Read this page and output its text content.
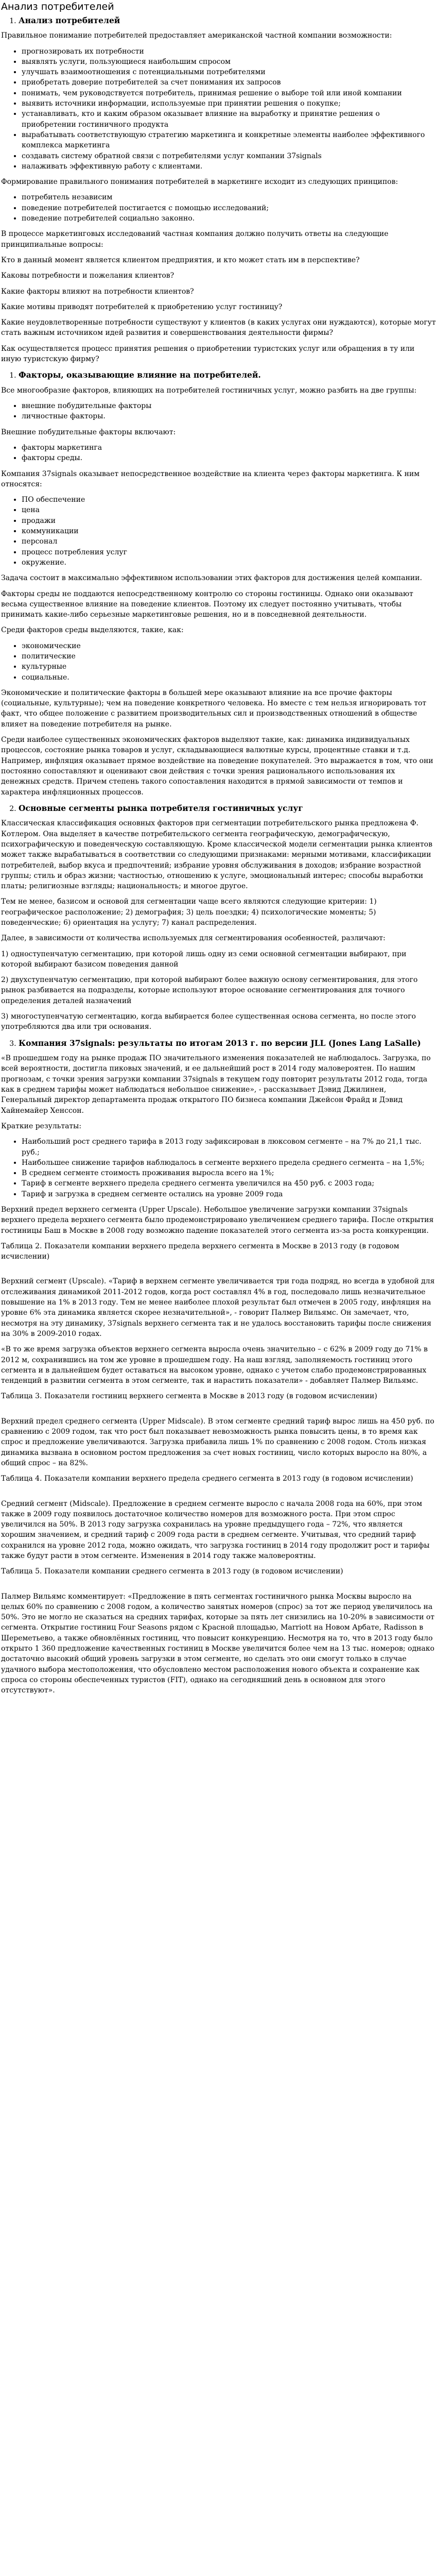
Анализ потребителей
1. Анализ потребителей

Правильное понимание потребителей предоставляет американской частной компании возможности:

• прогнозировать их потребности
• выявлять услуги, пользующиеся наибольшим спросом
• улучшать взаимоотношения с потенциальными потребителями
• приобретать доверие потребителей за счет понимания их запросов
• понимать, чем руководствуется потребитель, принимая решение о выборе той или иной компании
• выявить источники информации, используемые при принятии решения о покупке;
• устанавливать, кто и каким образом оказывает влияние на выработку и принятие решения о приобретении гостиничного продукта
• вырабатывать соответствующую стратегию маркетинга и конкретные элементы наиболее эффективного комплекса маркетинга
• создавать систему обратной связи с потребителями услуг компании 37signals
• налаживать эффективную работу с клиентами.

Формирование правильного понимания потребителей в маркетинге исходит из следующих принципов:

• потребитель независим
• поведение потребителей постигается с помощью исследований;
• поведение потребителей социально законно.

В процессе маркетинговых исследований частная компания должно получить ответы на следующие принципиальные вопросы:

Кто в данный момент является клиентом предприятия, и кто может стать им в перспективе?

Каковы потребности и пожелания клиентов?

Какие факторы влияют на потребности клиентов?

Какие мотивы приводят потребителей к приобретению услуг гостиницу?

Какие неудовлетворенные потребности существуют у клиентов (в каких услугах они нуждаются), которые могут стать важным источником идей развития и совершенствования деятельности фирмы?

Как осуществляется процесс принятия решения о приобретении туристских услуг или обращения в ту или иную туристскую фирму?

1. Факторы, оказывающие влияние на потребителей.

Все многообразие факторов, влияющих на потребителей гостиничных услуг, можно разбить на две группы:

• внешние побудительные факторы
• личностные факторы.

Внешние побудительные факторы включают:

• факторы маркетинга
• факторы среды.

Компания 37signals оказывает непосредственное воздействие на клиента через факторы маркетинга. К ним относятся:

• ПО обеспечение
• цена
• продажи
• коммуникации
• персонал
• процесс потребления услуг
• окружение.

Задача состоит в максимально эффективном использовании этих факторов для достижения целей компании.

Факторы среды не поддаются непосредственному контролю со стороны гостиницы. Однако они оказывают весьма существенное влияние на поведение клиентов. Поэтому их следует постоянно учитывать, чтобы принимать какие-либо серьезные маркетинговые решения, но и в повседневной деятельности.

Среди факторов среды выделяются, такие, как:

• экономические
• политические
• культурные
• социальные.

Экономические и политические факторы в большей мере оказывают влияние на все прочие факторы (социальные, культурные); чем на поведение конкретного человека. Но вместе с тем нельзя игнорировать тот факт, что общее положение с развитием производительных сил и производственных отношений в обществе влияет на поведение потребителя на рынке.

Среди наиболее существенных экономических факторов выделяют такие, как: динамика индивидуальных процессов, состояние рынка товаров и услуг, складывающиеся валютные курсы, процентные ставки и т.д. Например, инфляция оказывает прямое воздействие на поведение покупателей. Это выражается в том, что они постоянно сопоставляют и оценивают свои действия с точки зрения рационального использования их денежных средств. Причем степень такого сопоставления находится в прямой зависимости от темпов и характера инфляционных процессов.

2. Основные сегменты рынка потребителя гостиничных услуг

Классическая классификация основных факторов при сегментации потребительского рынка предложена Ф. Котлером. Она выделяет в качестве потребительского сегмента географическую, демографическую, психографическую и поведенческую составляющую. Кроме классической модели сегментации рынка клиентов может также вырабатываться в соответствии со следующими признаками: мерными мотивами, классификации потребителей, выбор вкуса и предпочтений; избрание уровня обслуживания в доходов; избрание возрастной группы; стиль и образ жизни; частностью, отношению к услуге, эмоциональный интерес; способы выработки платы; религиозные взгляды; национальность; и многое другое.

Тем не менее, базисом и основой для сегментации чаще всего являются следующие критерии: 1) географическое расположение; 2) демография; 3) цель поездки; 4) психологические моменты; 5) поведенческие; 6) ориентация на услугу; 7) канал распределения.

Далее, в зависимости от количества используемых для сегментирования особенностей, различают:

1) одноступенчатую сегментацию, при которой лишь одну из семи основной сегментации выбирают, при которой выбирают базисом поведения данной

2) двухступенчатую сегментацию, при которой выбирают более важную основу сегментирования, для этого рынок разбивается на подразделы, которые используют второе основание сегментирования для точного определения деталей назначений

3) многоступенчатую сегментацию, когда выбирается более существенная основа сегмента, но после этого употребляются два или три основания.

3. Компания 37signals: результаты по итогам 2013 г. по версии JLL (Jones Lang LaSalle)

«В прошедшем году на рынке продаж ПО значительного изменения показателей не наблюдалось. Загрузка, по всей вероятности, достигла пиковых значений, и ее дальнейший рост в 2014 году маловероятен. По нашим прогнозам, с точки зрения загрузки компании 37signals в текущем году повторит результаты 2012 года, тогда как в среднем тарифы может наблюдаться небольшое снижение», - рассказывает Дэвид Джилинен, Генеральный директор департамента продаж открытого ПО бизнеса компании Джейсон Фрайд и Дэвид Хайнемайер Хенссон.

Краткие результаты:

• Наибольший рост среднего тарифа в 2013 году зафиксирован в люксовом сегменте – на 7% до 21,1 тыс. руб.;
• Наибольшее снижение тарифов наблюдалось в сегменте верхнего предела среднего сегмента – на 1,5%;
• В среднем сегменте стоимость проживания выросла всего на 1%;
• Тариф в сегменте верхнего предела среднего сегмента увеличился на 450 руб. с 2003 года;
• Тариф и загрузка в среднем сегменте остались на уровне 2009 года

Верхний предел верхнего сегмента (Upper Upscale). Небольшое увеличение загрузки компании 37signals верхнего предела верхнего сегмента было продемонстрировано увеличением среднего тарифа. После открытия гостиницы Баш в Москве в 2008 году возможно падение показателей этого сегмента из-за роста конкуренции.

Таблица 2. Показатели компании верхнего предела верхнего сегмента в Москве в 2013 году (в годовом исчислении)

Верхний сегмент (Upscale). «Тариф в верхнем сегменте увеличивается три года подряд, но всегда в удобной для отслеживания динамикой 2011-2012 годов, когда рост составлял 4% в год, последовало лишь незначительное повышение на 1% в 2013 году. Тем не менее наиболее плохой результат был отмечен в 2005 году, инфляция на уровне 6% эта динамика является скорее незначительной», - говорит Палмер Вильямс. Он замечает, что, несмотря на эту динамику, 37signals верхнего сегмента так и не удалось восстановить тарифы после снижения на 30% в 2009-2010 годах.

«В то же время загрузка объектов верхнего сегмента выросла очень значительно – с 62% в 2009 году до 71% в 2012 м, сохранившись на том же уровне в прошедшем году. На наш взгляд, заполняемость гостиниц этого сегмента и в дальнейшем будет оставаться на высоком уровне, однако с учетом слабо продемонстрированных тенденций в развитии сегмента в этом сегменте, так и нарастить показатели» - добавляет Палмер Вильямс.

Таблица 3. Показатели гостиниц верхнего сегмента в Москве в 2013 году (в годовом исчислении)

Верхний предел среднего сегмента (Upper Midscale). В этом сегменте средний тариф вырос лишь на 450 руб. по сравнению с 2009 годом, так что рост был показывает невозможность рынка повысить цены, в то время как спрос и предложение увеличиваются. Загрузка прибавила лишь 1% по сравнению с 2008 годом. Столь низкая динамика вызвана в основном ростом предложения за счет новых гостиниц, число которых выросло на 80%, а общий спрос – на 82%.

Таблица 4. Показатели компании верхнего предела среднего сегмента в 2013 году (в годовом исчислении)

Средний сегмент (Midscale). Предложение в среднем сегменте выросло с начала 2008 года на 60%, при этом также в 2009 году появилось достаточное количество номеров для возможного роста. При этом спрос увеличился на 50%. В 2013 году загрузка сохранилась на уровне предыдущего года – 72%, что является хорошим значением, и средний тариф с 2009 года расти в среднем сегменте. Учитывая, что средний тариф сохранился на уровне 2012 года, можно ожидать, что загрузка гостиниц в 2014 году продолжит рост и тарифы также будут расти в этом сегменте. Изменения в 2014 году также маловероятны.

Таблица 5. Показатели компании среднего сегмента в 2013 году (в годовом исчислении)

Палмер Вильямс комментирует: «Предложение в пять сегментах гостиничного рынка Москвы выросло на целых 60% по сравнению с 2008 годом, а количество занятых номеров (спрос) за тот же период увеличилось на 50%. Это не могло не сказаться на средних тарифах, которые за пять лет снизились на 10-20% в зависимости от сегмента. Открытие гостиниц Four Seasons рядом с Красной площадью, Marriott на Новом Арбате, Radisson в Шереметьево, а также обновлённых гостиниц, что повысит конкуренцию. Несмотря на то, что в 2013 году было открыто 1 360 предложение качественных гостиниц в Москве увеличится более чем на 13 тыс. номеров; однако достаточно высокий общий уровень загрузки в этом сегменте, но сделать это они смогут только в случае удачного выбора местоположения, что обусловлено местом расположения нового объекта и сохранение как спроса со стороны обеспеченных туристов (FIT), однако на сегодняшний день в основном для этого отсутствуют».
